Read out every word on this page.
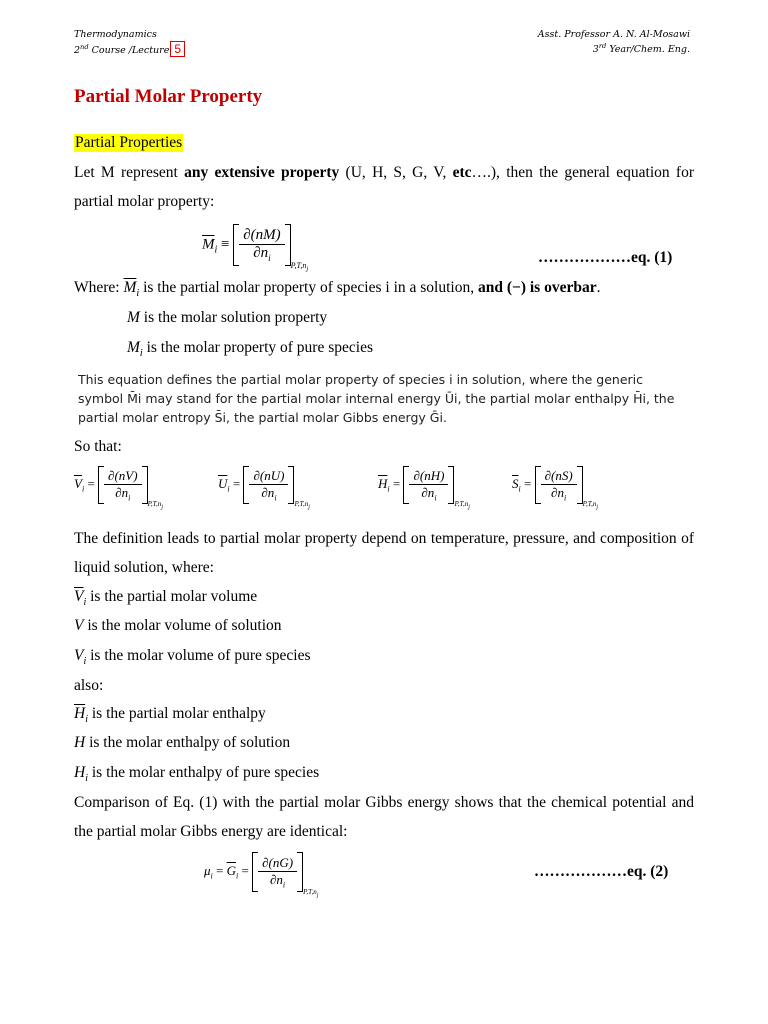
Thermodynamics
2nd Course /Lecture 5
Asst. Professor A. N. Al-Mosawi
3rd Year/Chem. Eng.
Partial Molar Property
Partial Properties
Let M represent any extensive property (U, H, S, G, V, etc….), then the general equation for partial molar property:
$\overline{M}_i \equiv \frac{\partial(nM)}{\partial n_i}$
$_{P,T,n_j}$
………………eq. (1)
Where: $\overline{M}_i$ is the partial molar property of species i in a solution, and (−) is overbar.
M is the molar solution property
$M_i$ is the molar property of pure species
This equation defines the partial molar property of species i in solution, where the generic symbol M̄i may stand for the partial molar internal energy Ūi, the partial molar enthalpy H̄i, the partial molar entropy S̄i, the partial molar Gibbs energy Ḡi.
So that:
$\overline{V}_i = \frac{\partial(nV)}{\partial n_i}$
$_{P,T,n_j}$
$\overline{U}_i = \frac{\partial(nU)}{\partial n_i}$
$_{P,T,n_j}$
$\overline{H}_i = \frac{\partial(nH)}{\partial n_i}$
$_{P,T,n_j}$
$\overline{S}_i = \frac{\partial(nS)}{\partial n_i}$
$_{P,T,n_j}$
The definition leads to partial molar property depend on temperature, pressure, and composition of liquid solution, where:
$\overline{V}_i$ is the partial molar volume
V is the molar volume of solution
$V_i$ is the molar volume of pure species
also:
$\overline{H}_i$ is the partial molar enthalpy
H is the molar enthalpy of solution
$H_i$ is the molar enthalpy of pure species
Comparison of Eq. (1) with the partial molar Gibbs energy shows that the chemical potential and the partial molar Gibbs energy are identical:
$\mu_i = \overline{G}_i = \frac{\partial(nG)}{\partial n_i}$
$_{P,T,n_j}$
………………eq. (2)
